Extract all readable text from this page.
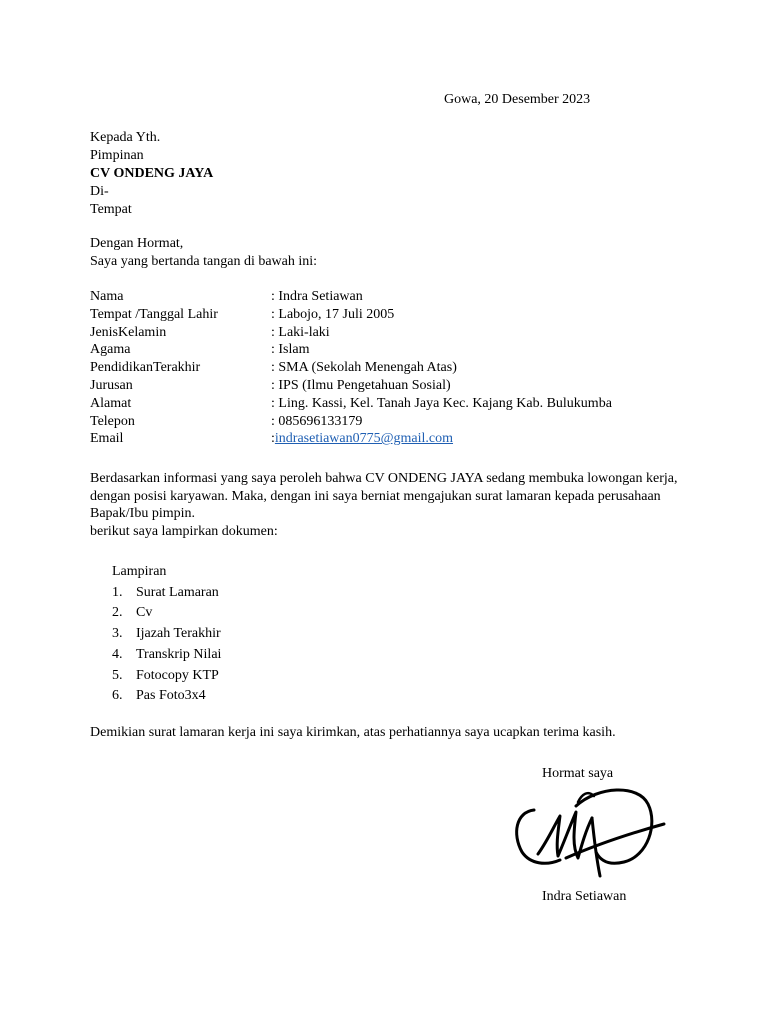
Gowa, 20 Desember 2023
Kepada Yth.
Pimpinan
CV ONDENG JAYA
Di-
Tempat
Dengan Hormat,
Saya yang bertanda tangan di bawah ini:
Nama	: Indra Setiawan
Tempat /Tanggal Lahir	: Labojo, 17 Juli 2005
JenisKelamin	: Laki-laki
Agama	: Islam
PendidikanTerakhir	: SMA (Sekolah Menengah Atas)
Jurusan	: IPS (Ilmu Pengetahuan Sosial)
Alamat	: Ling. Kassi, Kel. Tanah Jaya Kec. Kajang Kab. Bulukumba
Telepon	: 085696133179
Email	:indrasetiawan0775@gmail.com
Berdasarkan informasi yang saya peroleh bahwa CV ONDENG JAYA sedang membuka lowongan kerja, dengan posisi karyawan. Maka, dengan ini saya berniat mengajukan surat lamaran kepada perusahaan Bapak/Ibu pimpin.
berikut saya lampirkan dokumen:
Lampiran
1. Surat Lamaran
2. Cv
3. Ijazah Terakhir
4. Transkrip Nilai
5. Fotocopy KTP
6. Pas Foto3x4
Demikian surat lamaran kerja ini saya kirimkan, atas perhatiannya saya ucapkan terima kasih.
Hormat saya
Indra Setiawan
